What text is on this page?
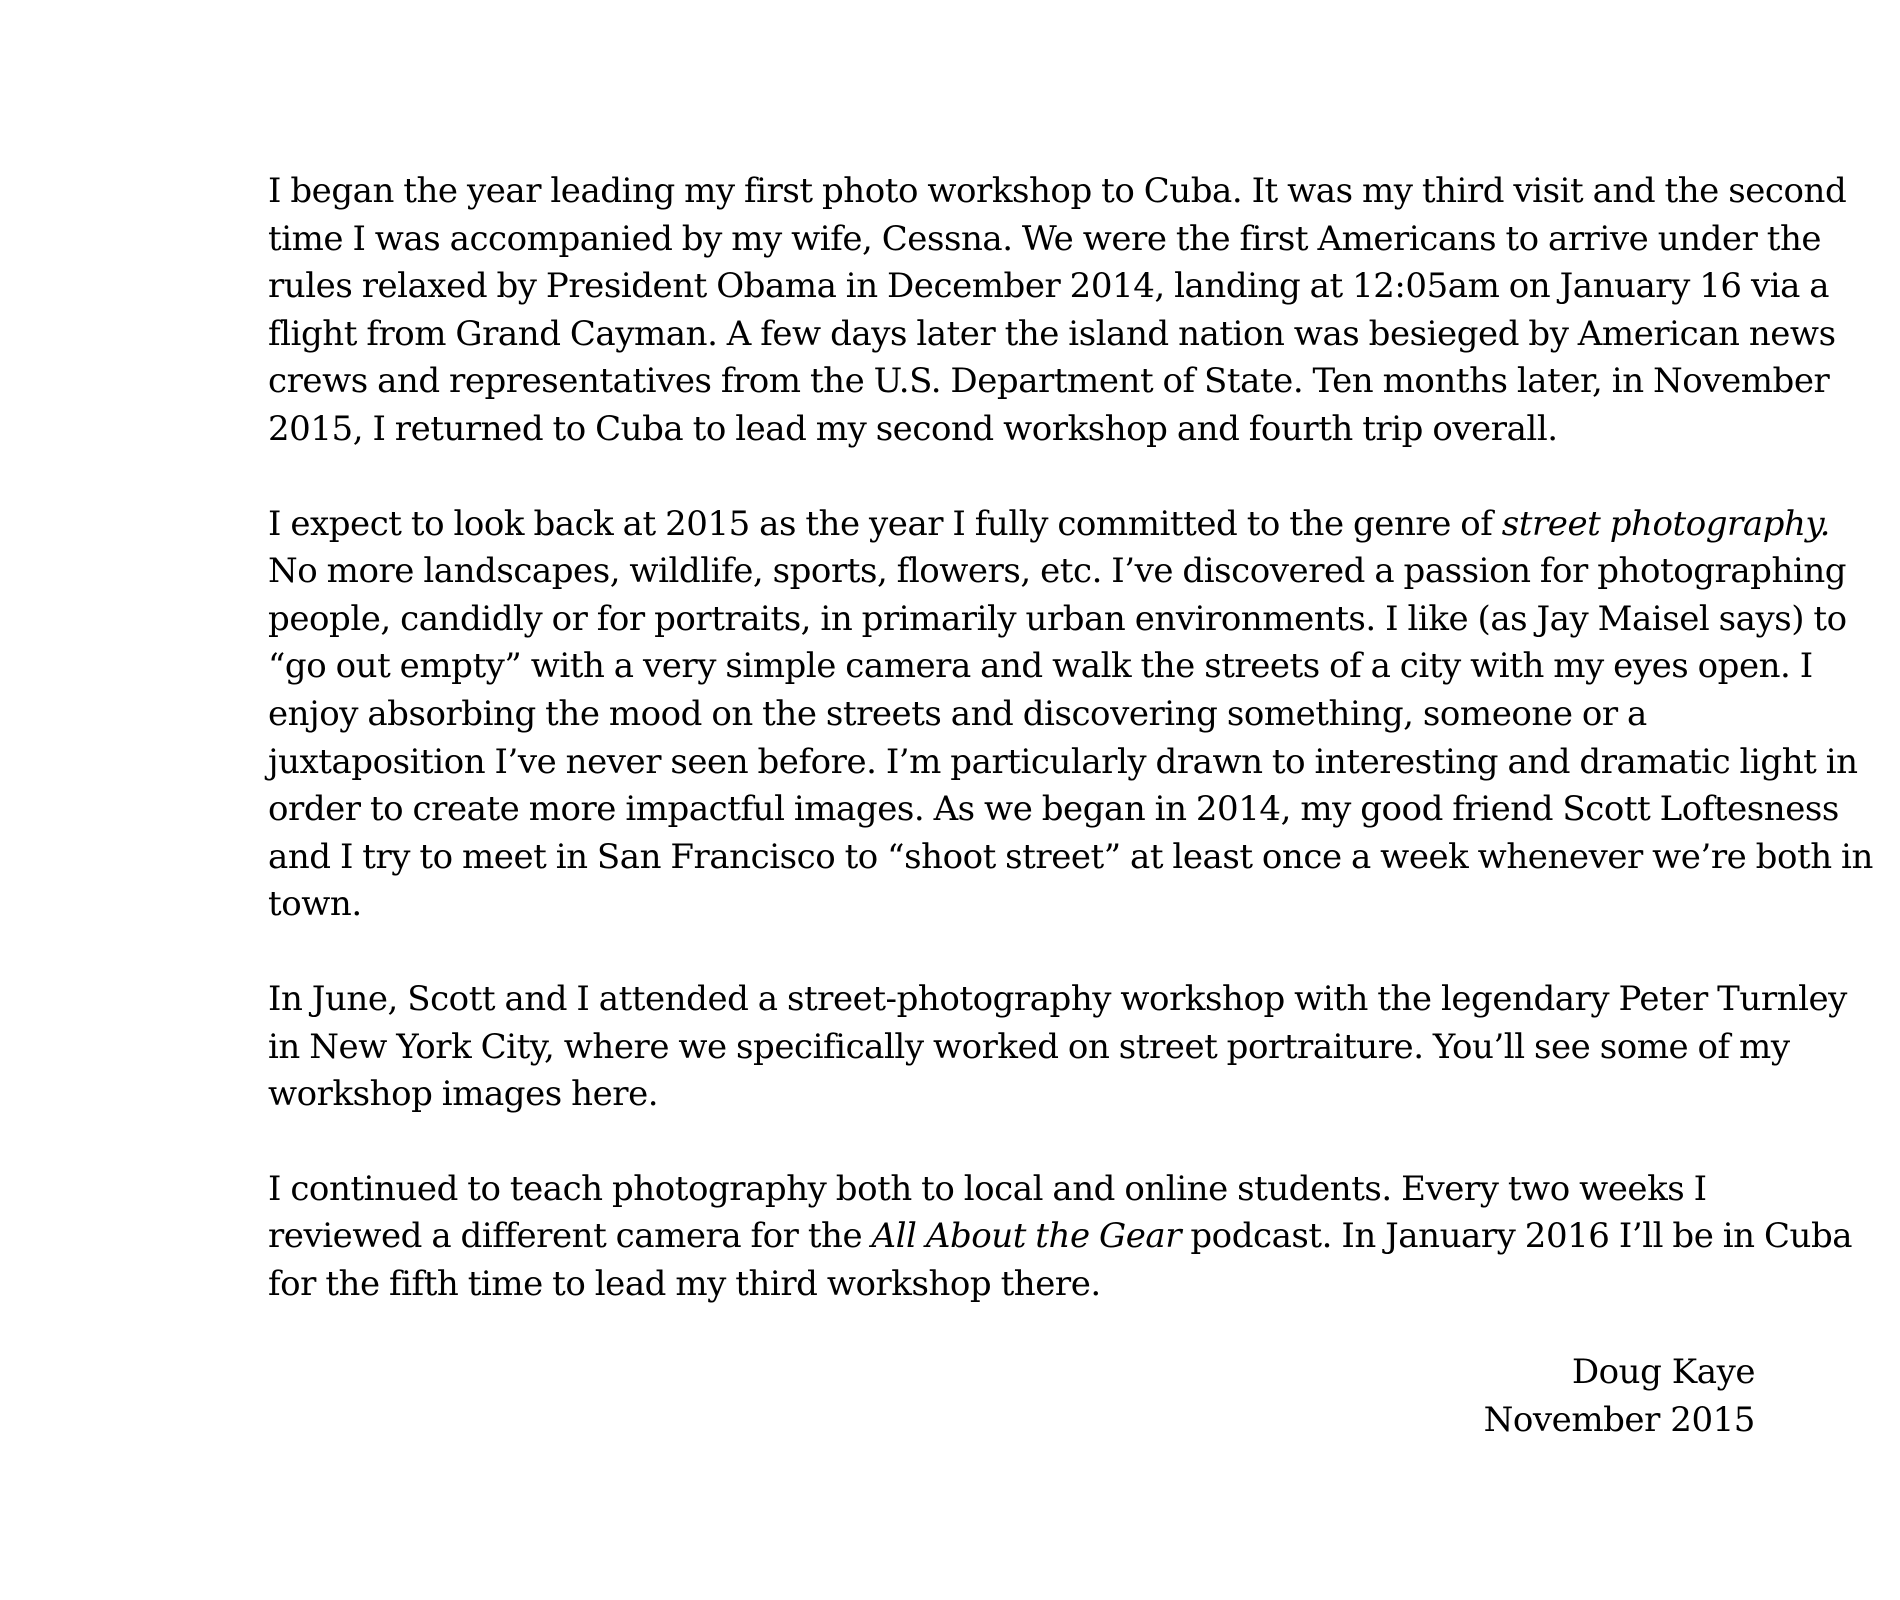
I began the year leading my first photo workshop to Cuba. It was my third visit and the second
time I was accompanied by my wife, Cessna. We were the first Americans to arrive under the
rules relaxed by President Obama in December 2014, landing at 12:05am on January 16 via a
flight from Grand Cayman. A few days later the island nation was besieged by American news
crews and representatives from the U.S. Department of State. Ten months later, in November
2015, I returned to Cuba to lead my second workshop and fourth trip overall.

I expect to look back at 2015 as the year I fully committed to the genre of street photography.
No more landscapes, wildlife, sports, flowers, etc. I’ve discovered a passion for photographing
people, candidly or for portraits, in primarily urban environments. I like (as Jay Maisel says) to
“go out empty” with a very simple camera and walk the streets of a city with my eyes open. I
enjoy absorbing the mood on the streets and discovering something, someone or a
juxtaposition I’ve never seen before. I’m particularly drawn to interesting and dramatic light in
order to create more impactful images. As we began in 2014, my good friend Scott Loftesness
and I try to meet in San Francisco to “shoot street” at least once a week whenever we’re both in
town.

In June, Scott and I attended a street-photography workshop with the legendary Peter Turnley
in New York City, where we specifically worked on street portraiture. You’ll see some of my
workshop images here.

I continued to teach photography both to local and online students. Every two weeks I
reviewed a different camera for the All About the Gear podcast. In January 2016 I’ll be in Cuba
for the fifth time to lead my third workshop there.

Doug Kaye
November 2015
